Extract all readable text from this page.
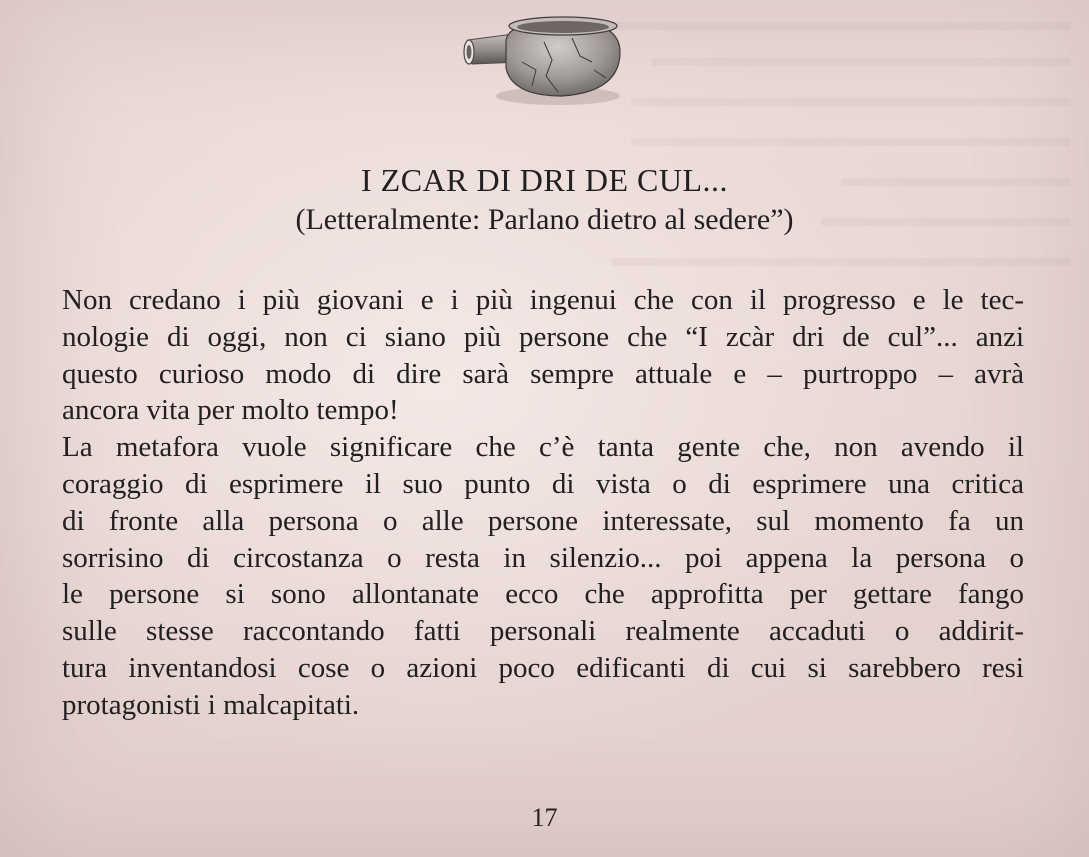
I ZCAR DI DRI DE CUL...

(Letteralmente: Parlano dietro al sedere”)

Non credano i più giovani e i più ingenui che con il progresso e le tec-
nologie di oggi, non ci siano più persone che “I zcàr dri de cul”... anzi
questo curioso modo di dire sarà sempre attuale e – purtroppo – avrà
ancora vita per molto tempo!
La metafora vuole significare che c’è tanta gente che, non avendo il
coraggio di esprimere il suo punto di vista o di esprimere una critica
di fronte alla persona o alle persone interessate, sul momento fa un
sorrisino di circostanza o resta in silenzio... poi appena la persona o
le persone si sono allontanate ecco che approfitta per gettare fango
sulle stesse raccontando fatti personali realmente accaduti o addirit-
tura inventandosi cose o azioni poco edificanti di cui si sarebbero resi
protagonisti i malcapitati.

17
